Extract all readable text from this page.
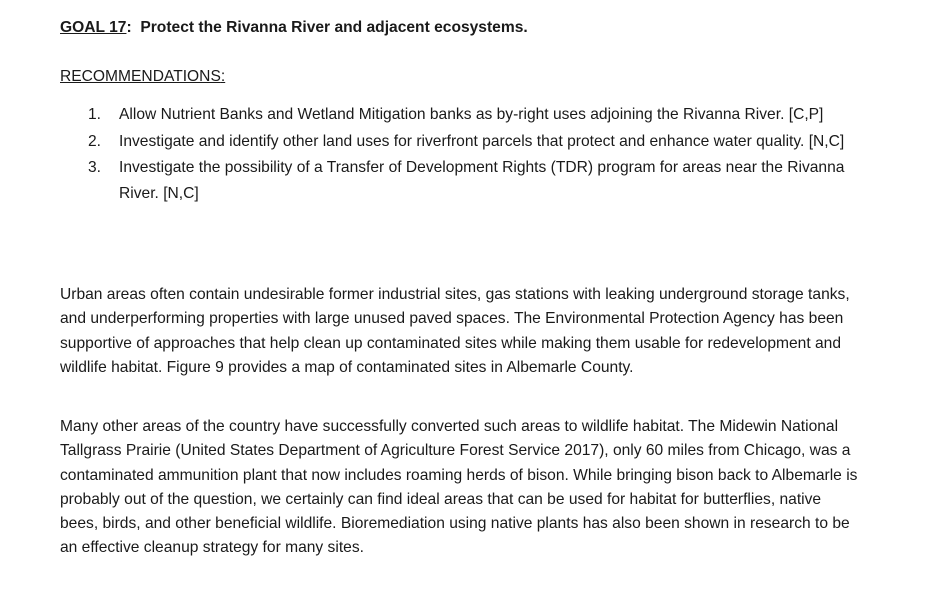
GOAL 17: Protect the Rivanna River and adjacent ecosystems.
RECOMMENDATIONS:
1. Allow Nutrient Banks and Wetland Mitigation banks as by-right uses adjoining the Rivanna River. [C,P]
2. Investigate and identify other land uses for riverfront parcels that protect and enhance water quality. [N,C]
3. Investigate the possibility of a Transfer of Development Rights (TDR) program for areas near the Rivanna River. [N,C]

Urban areas often contain undesirable former industrial sites, gas stations with leaking underground storage tanks, and underperforming properties with large unused paved spaces. The Environmental Protection Agency has been supportive of approaches that help clean up contaminated sites while making them usable for redevelopment and wildlife habitat. Figure 9 provides a map of contaminated sites in Albemarle County.

Many other areas of the country have successfully converted such areas to wildlife habitat. The Midewin National Tallgrass Prairie (United States Department of Agriculture Forest Service 2017), only 60 miles from Chicago, was a contaminated ammunition plant that now includes roaming herds of bison. While bringing bison back to Albemarle is probably out of the question, we certainly can find ideal areas that can be used for habitat for butterflies, native bees, birds, and other beneficial wildlife. Bioremediation using native plants has also been shown in research to be an effective cleanup strategy for many sites.
